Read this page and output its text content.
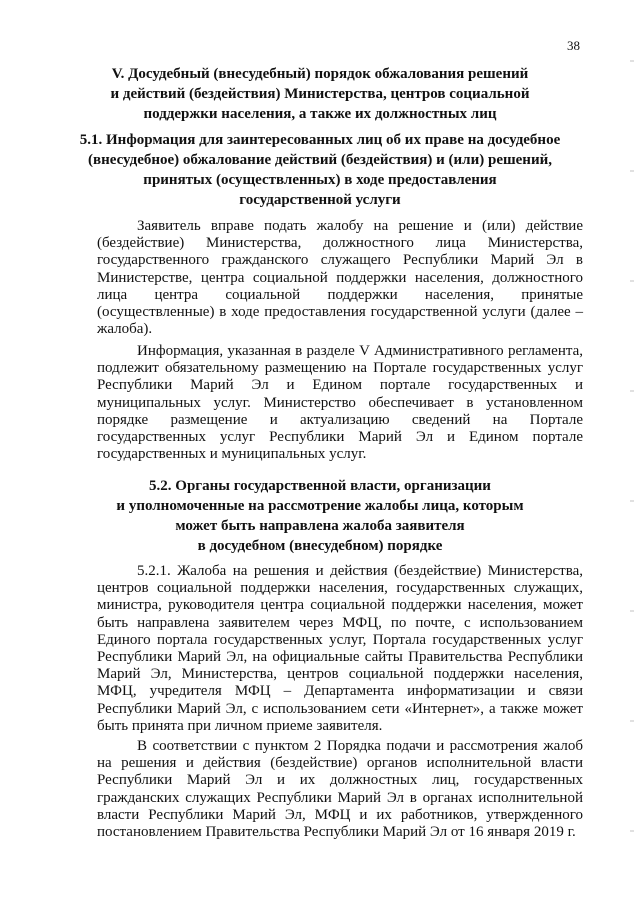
38
V. Досудебный (внесудебный) порядок обжалования решений
и действий (бездействия) Министерства, центров социальной
поддержки населения, а также их должностных лиц
5.1. Информация для заинтересованных лиц об их праве на досудебное
(внесудебное) обжалование действий (бездействия) и (или) решений,
принятых (осуществленных) в ходе предоставления
государственной услуги
Заявитель вправе подать жалобу на решение и (или) действие (бездействие) Министерства, должностного лица Министерства, государственного гражданского служащего Республики Марий Эл в Министерстве, центра социальной поддержки населения, должностного лица центра социальной поддержки населения, принятые (осуществленные) в ходе предоставления государственной услуги (далее – жалоба).
Информация, указанная в разделе V Административного регламента, подлежит обязательному размещению на Портале государственных услуг Республики Марий Эл и Едином портале государственных и муниципальных услуг. Министерство обеспечивает в установленном порядке размещение и актуализацию сведений на Портале государственных услуг Республики Марий Эл и Едином портале государственных и муниципальных услуг.
5.2. Органы государственной власти, организации
и уполномоченные на рассмотрение жалобы лица, которым
может быть направлена жалоба заявителя
в досудебном (внесудебном) порядке
5.2.1. Жалоба на решения и действия (бездействие) Министерства, центров социальной поддержки населения, государственных служащих, министра, руководителя центра социальной поддержки населения, может быть направлена заявителем через МФЦ, по почте, с использованием Единого портала государственных услуг, Портала государственных услуг Республики Марий Эл, на официальные сайты Правительства Республики Марий Эл, Министерства, центров социальной поддержки населения, МФЦ, учредителя МФЦ – Департамента информатизации и связи Республики Марий Эл, с использованием сети «Интернет», а также может быть принята при личном приеме заявителя.
В соответствии с пунктом 2 Порядка подачи и рассмотрения жалоб на решения и действия (бездействие) органов исполнительной власти Республики Марий Эл и их должностных лиц, государственных гражданских служащих Республики Марий Эл в органах исполнительной власти Республики Марий Эл, МФЦ и их работников, утвержденного постановлением Правительства Республики Марий Эл от 16 января 2019 г.
